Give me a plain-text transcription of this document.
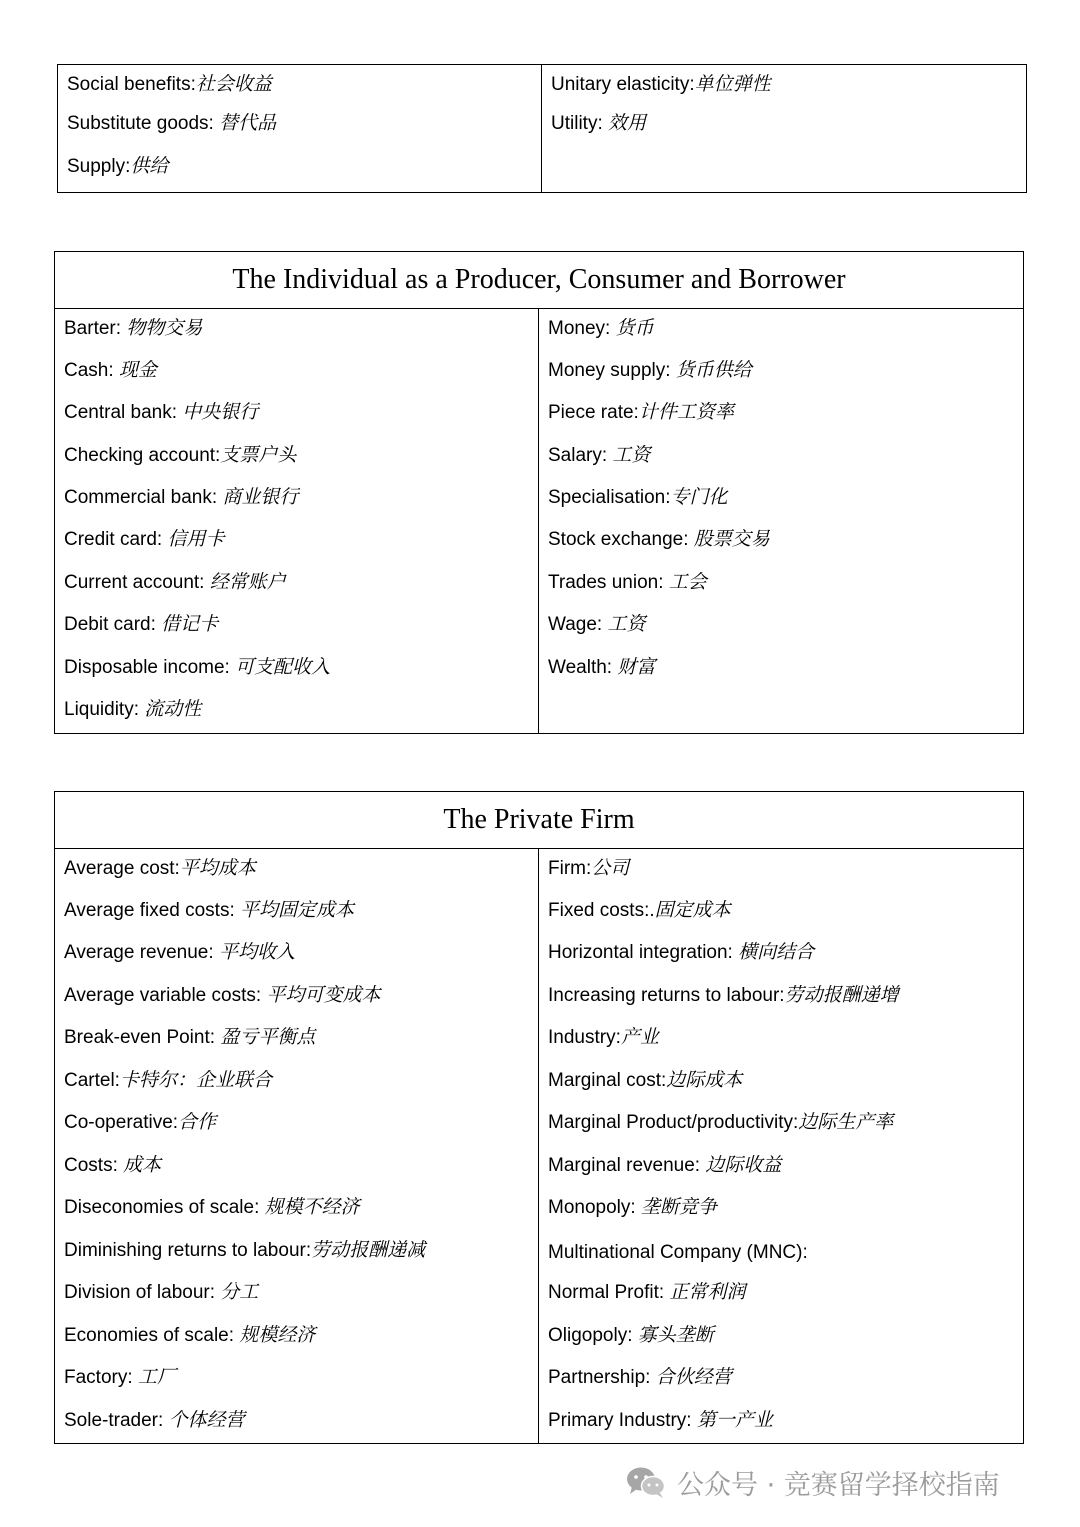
Social benefits:社会收益
Substitute goods: 替代品
Supply:供给
Unitary elasticity:单位弹性
Utility: 效用
The Individual as a Producer, Consumer and Borrower
Barter: 物物交易
Cash: 现金
Central bank: 中央银行
Checking account:支票户头
Commercial bank: 商业银行
Credit card: 信用卡
Current account: 经常账户
Debit card: 借记卡
Disposable income: 可支配收入
Liquidity: 流动性
Money: 货币
Money supply: 货币供给
Piece rate:计件工资率
Salary: 工资
Specialisation:专门化
Stock exchange: 股票交易
Trades union: 工会
Wage: 工资
Wealth: 财富
The Private Firm
Average cost:平均成本
Average fixed costs: 平均固定成本
Average revenue: 平均收入
Average variable costs: 平均可变成本
Break-even Point: 盈亏平衡点
Cartel:卡特尔：企业联合
Co-operative:合作
Costs: 成本
Diseconomies of scale: 规模不经济
Diminishing returns to labour:劳动报酬递减
Division of labour: 分工
Economies of scale: 规模经济
Factory: 工厂
Sole-trader: 个体经营
Firm:公司
Fixed costs:.固定成本
Horizontal integration: 横向结合
Increasing returns to labour:劳动报酬递增
Industry:产业
Marginal cost:边际成本
Marginal Product/productivity:边际生产率
Marginal revenue: 边际收益
Monopoly: 垄断竞争
Multinational Company (MNC):
Normal Profit: 正常利润
Oligopoly: 寡头垄断
Partnership: 合伙经营
Primary Industry: 第一产业
公众号 · 竞赛留学择校指南
